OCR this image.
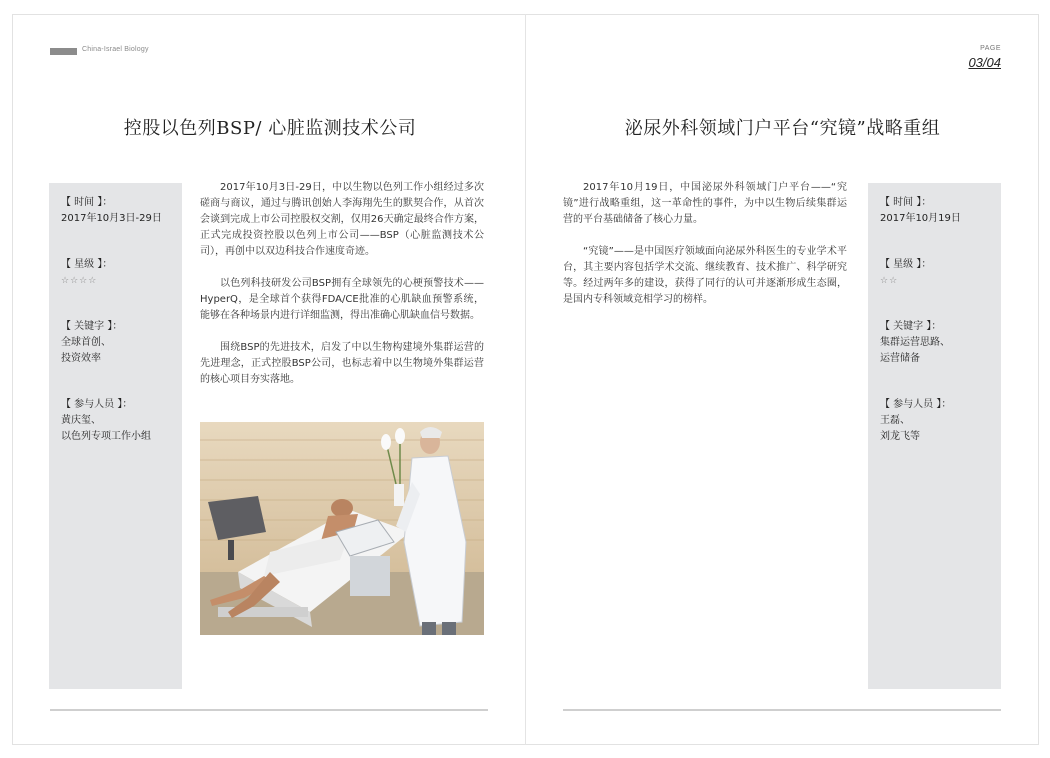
China-Israel Biology	PAGE
03/04
控股以色列BSP/ 心脏监测技术公司
【 时间 】：
2017年10月3日-29日
【 星级 】：
☆☆☆☆
【 关键字 】：
全球首创、
投资效率
【 参与人员 】：
黄庆玺、
以色列专项工作小组

2017年10月3日-29日，中以生物以色列工作小组经过多次磋商与商议，通过与腾讯创始人李海翔先生的默契合作，从首次会谈到完成上市公司控股权交割，仅用26天确定最终合作方案，正式完成投资控股以色列上市公司——BSP（心脏监测技术公司），再创中以双边科技合作速度奇迹。

以色列科技研发公司BSP拥有全球领先的心梗预警技术——HyperQ，是全球首个获得FDA/CE批准的心肌缺血预警系统，能够在各种场景内进行详细监测，得出准确心肌缺血信号数据。

围绕BSP的先进技术，启发了中以生物构建境外集群运营的先进理念，正式控股BSP公司，也标志着中以生物境外集群运营的核心项目夯实落地。

泌尿外科领域门户平台“究镜”战略重组

2017年10月19日，中国泌尿外科领域门户平台——“究镜”进行战略重组，这一革命性的事件，为中以生物后续集群运营的平台基础储备了核心力量。

“究镜”——是中国医疗领域面向泌尿外科医生的专业学术平台，其主要内容包括学术交流、继续教育、技术推广、科学研究等。经过两年多的建设，获得了同行的认可并逐渐形成生态圈，是国内专科领域竞相学习的榜样。

【 时间 】：
2017年10月19日
【 星级 】：
☆☆
【 关键字 】：
集群运营思路、
运营储备
【 参与人员 】：
王磊、
刘龙飞等
